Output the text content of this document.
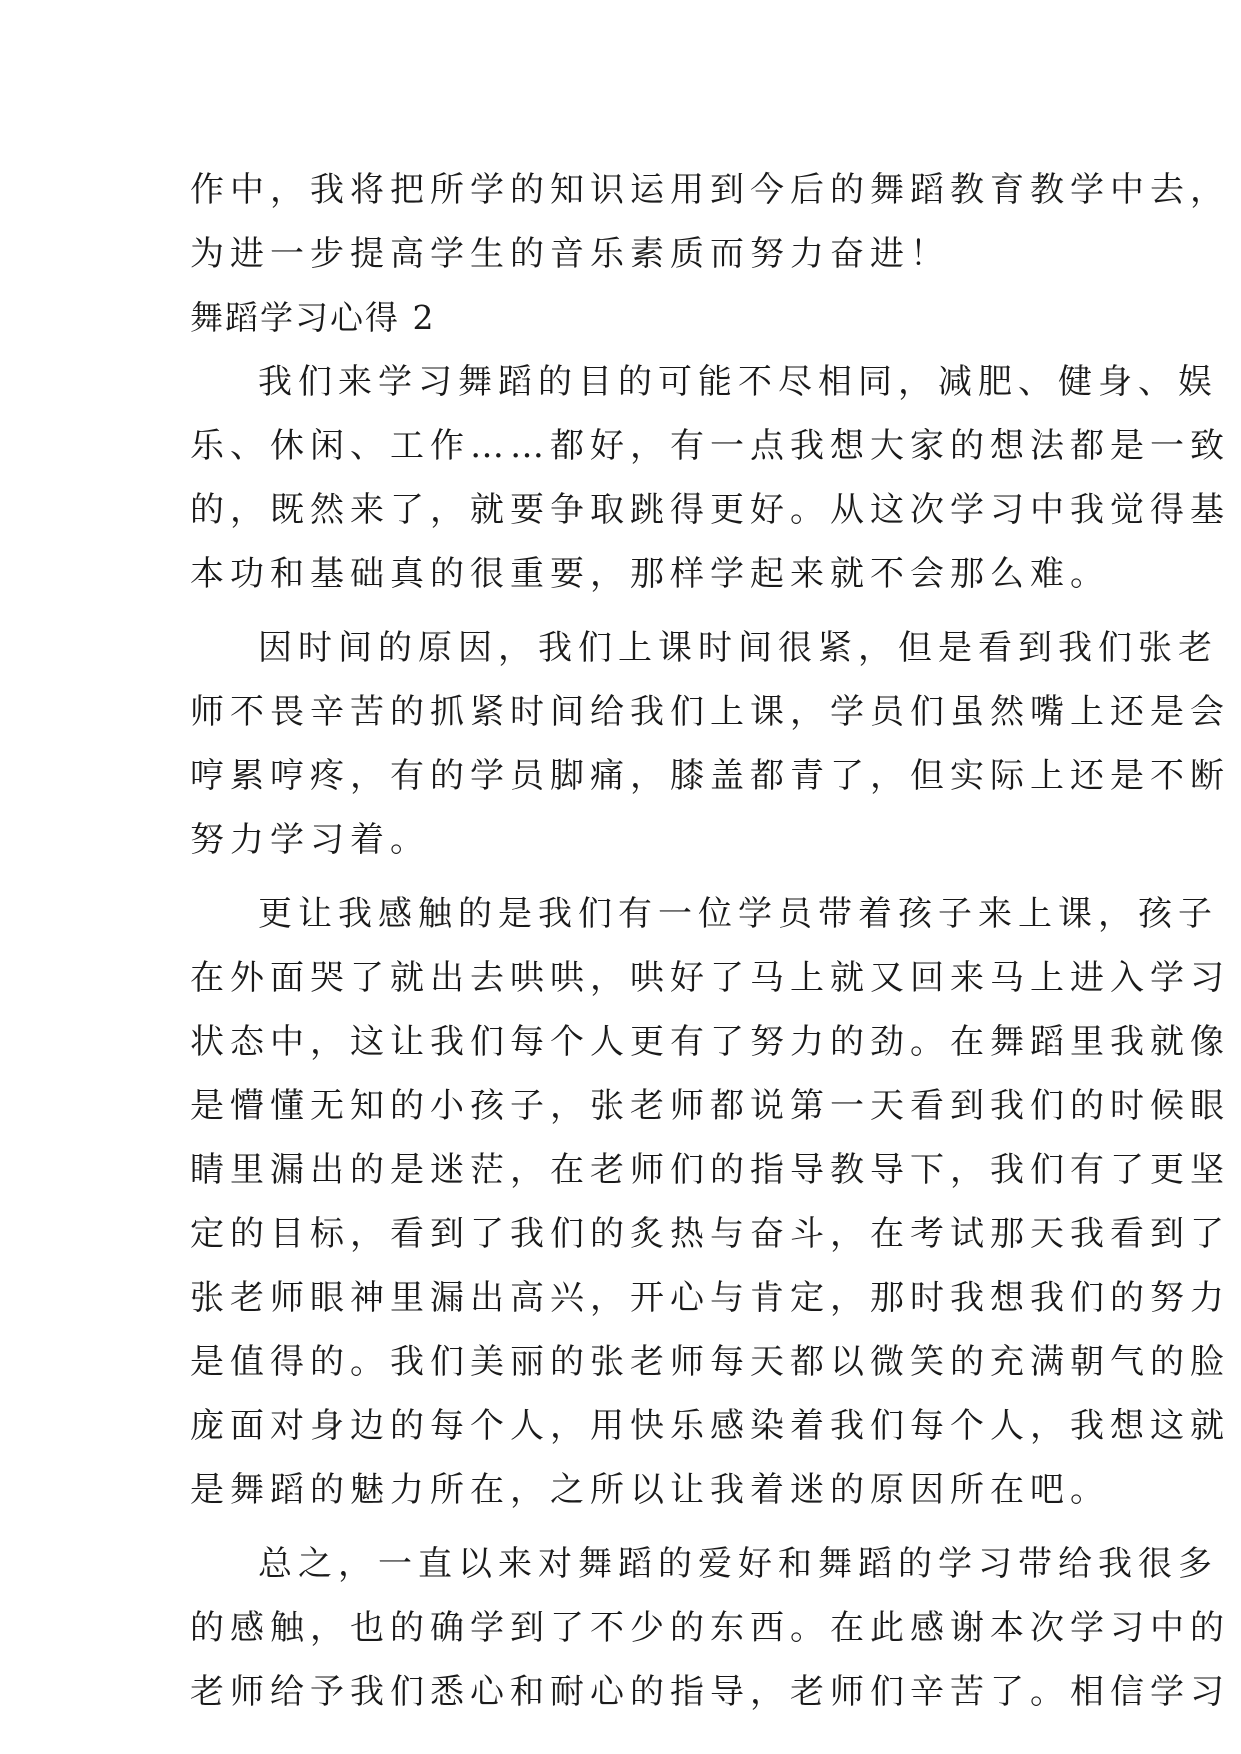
作中，我将把所学的知识运用到今后的舞蹈教育教学中去，
为进一步提高学生的音乐素质而努力奋进！
舞蹈学习心得 2
我们来学习舞蹈的目的可能不尽相同，减肥、健身、娱
乐、休闲、工作……都好，有一点我想大家的想法都是一致
的，既然来了，就要争取跳得更好。从这次学习中我觉得基
本功和基础真的很重要，那样学起来就不会那么难。
因时间的原因，我们上课时间很紧，但是看到我们张老
师不畏辛苦的抓紧时间给我们上课，学员们虽然嘴上还是会
哼累哼疼，有的学员脚痛，膝盖都青了，但实际上还是不断
努力学习着。
更让我感触的是我们有一位学员带着孩子来上课，孩子
在外面哭了就出去哄哄，哄好了马上就又回来马上进入学习
状态中，这让我们每个人更有了努力的劲。在舞蹈里我就像
是懵懂无知的小孩子，张老师都说第一天看到我们的时候眼
睛里漏出的是迷茫，在老师们的指导教导下，我们有了更坚
定的目标，看到了我们的炙热与奋斗，在考试那天我看到了
张老师眼神里漏出高兴，开心与肯定，那时我想我们的努力
是值得的。我们美丽的张老师每天都以微笑的充满朝气的脸
庞面对身边的每个人，用快乐感染着我们每个人，我想这就
是舞蹈的魅力所在，之所以让我着迷的原因所在吧。
总之，一直以来对舞蹈的爱好和舞蹈的学习带给我很多
的感触，也的确学到了不少的东西。在此感谢本次学习中的
老师给予我们悉心和耐心的指导，老师们辛苦了。相信学习
